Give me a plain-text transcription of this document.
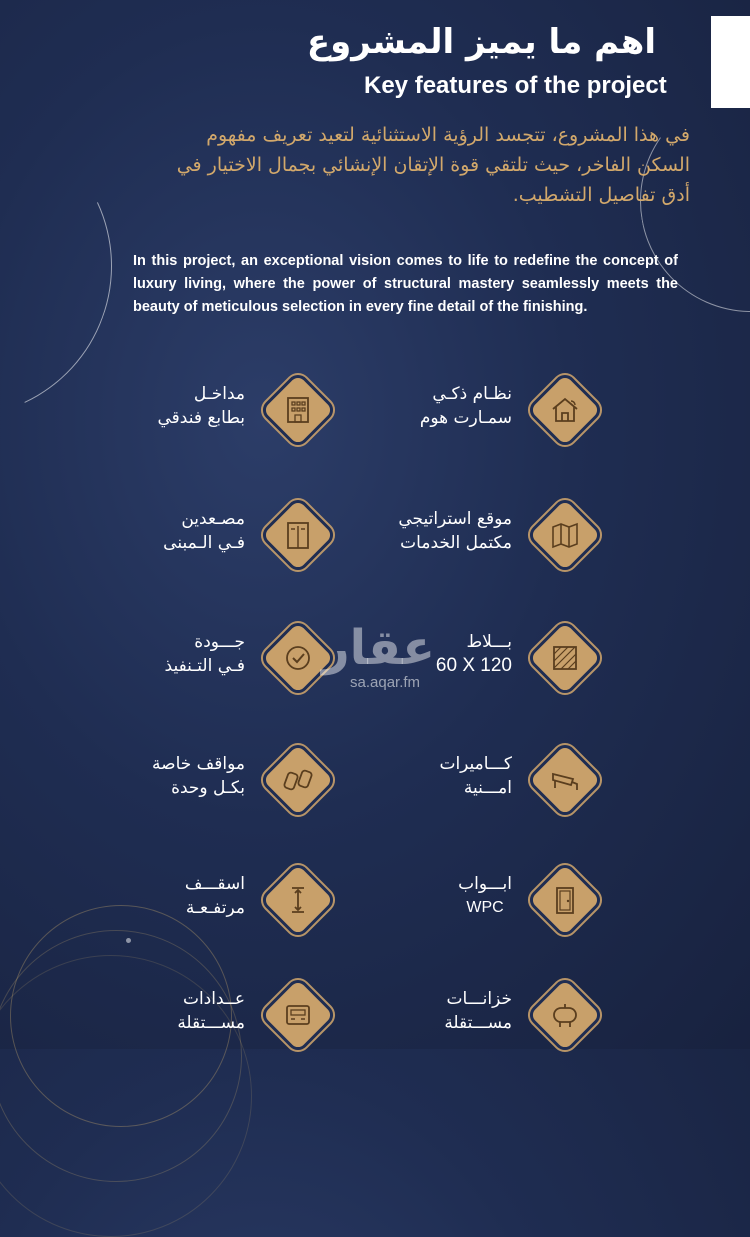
اهم ما يميز المشروع
Key features of the project
في هذا المشروع، تتجسد الرؤية الاستثنائية لتعيد تعريف مفهوم السكن الفاخر، حيث تلتقي قوة الإتقان الإنشائي بجمال الاختيار في أدق تفاصيل التشطيب.
In this project, an exceptional vision comes to life to redefine the concept of luxury living, where the power of structural mastery seamlessly meets the beauty of meticulous selection in every fine detail of the finishing.
نظـام ذكـي
سمـارت هوم
مداخـل
بطابع فندقي
موقع استراتيجي
مكتمل الخدمات
مصـعدين
فـي الـمبنى
بـــلاط
60 X 120
جـــودة
فـي التـنفيذ
كـــاميرات
امـــنية
مواقف خاصة
بكـل وحدة
ابـــواب
WPC
اسقـــف
مرتفـعـة
خزانـــات
مســـتقلة
عــدادات
مســـتقلة
عقار
sa.aqar.fm
